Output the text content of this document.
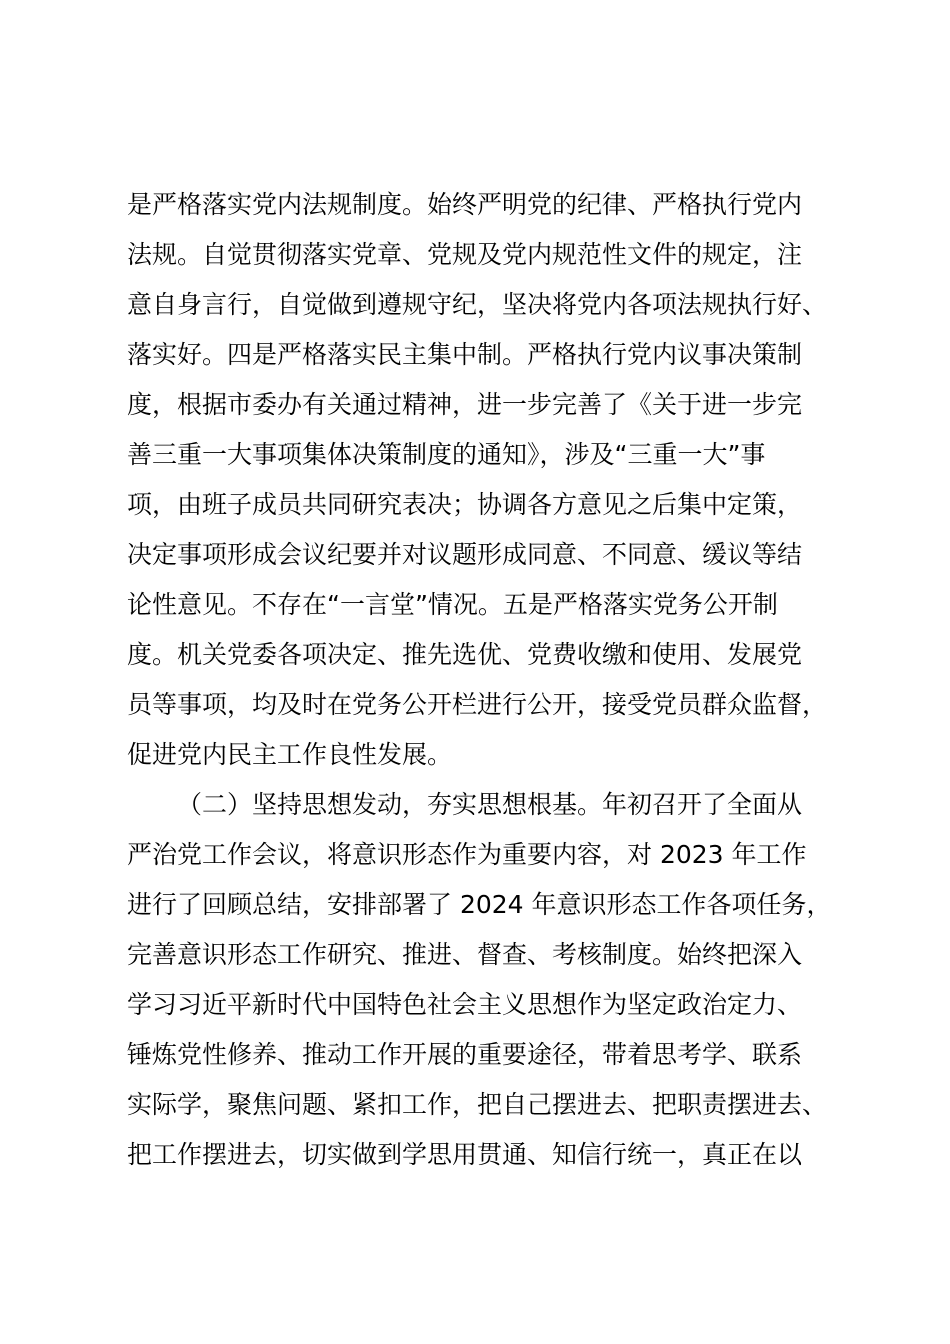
是严格落实党内法规制度。始终严明党的纪律、严格执行党内
法规。自觉贯彻落实党章、党规及党内规范性文件的规定，注
意自身言行，自觉做到遵规守纪，坚决将党内各项法规执行好、
落实好。四是严格落实民主集中制。严格执行党内议事决策制
度，根据市委办有关通过精神，进一步完善了《关于进一步完
善三重一大事项集体决策制度的通知》，涉及“三重一大”事
项，由班子成员共同研究表决；协调各方意见之后集中定策，
决定事项形成会议纪要并对议题形成同意、不同意、缓议等结
论性意见。不存在“一言堂”情况。五是严格落实党务公开制
度。机关党委各项决定、推先选优、党费收缴和使用、发展党
员等事项，均及时在党务公开栏进行公开，接受党员群众监督，
促进党内民主工作良性发展。
（二）坚持思想发动，夯实思想根基。年初召开了全面从
严治党工作会议，将意识形态作为重要内容，对 2023 年工作
进行了回顾总结，安排部署了 2024 年意识形态工作各项任务，
完善意识形态工作研究、推进、督查、考核制度。始终把深入
学习习近平新时代中国特色社会主义思想作为坚定政治定力、
锤炼党性修养、推动工作开展的重要途径，带着思考学、联系
实际学，聚焦问题、紧扣工作，把自己摆进去、把职责摆进去、
把工作摆进去，切实做到学思用贯通、知信行统一，真正在以
